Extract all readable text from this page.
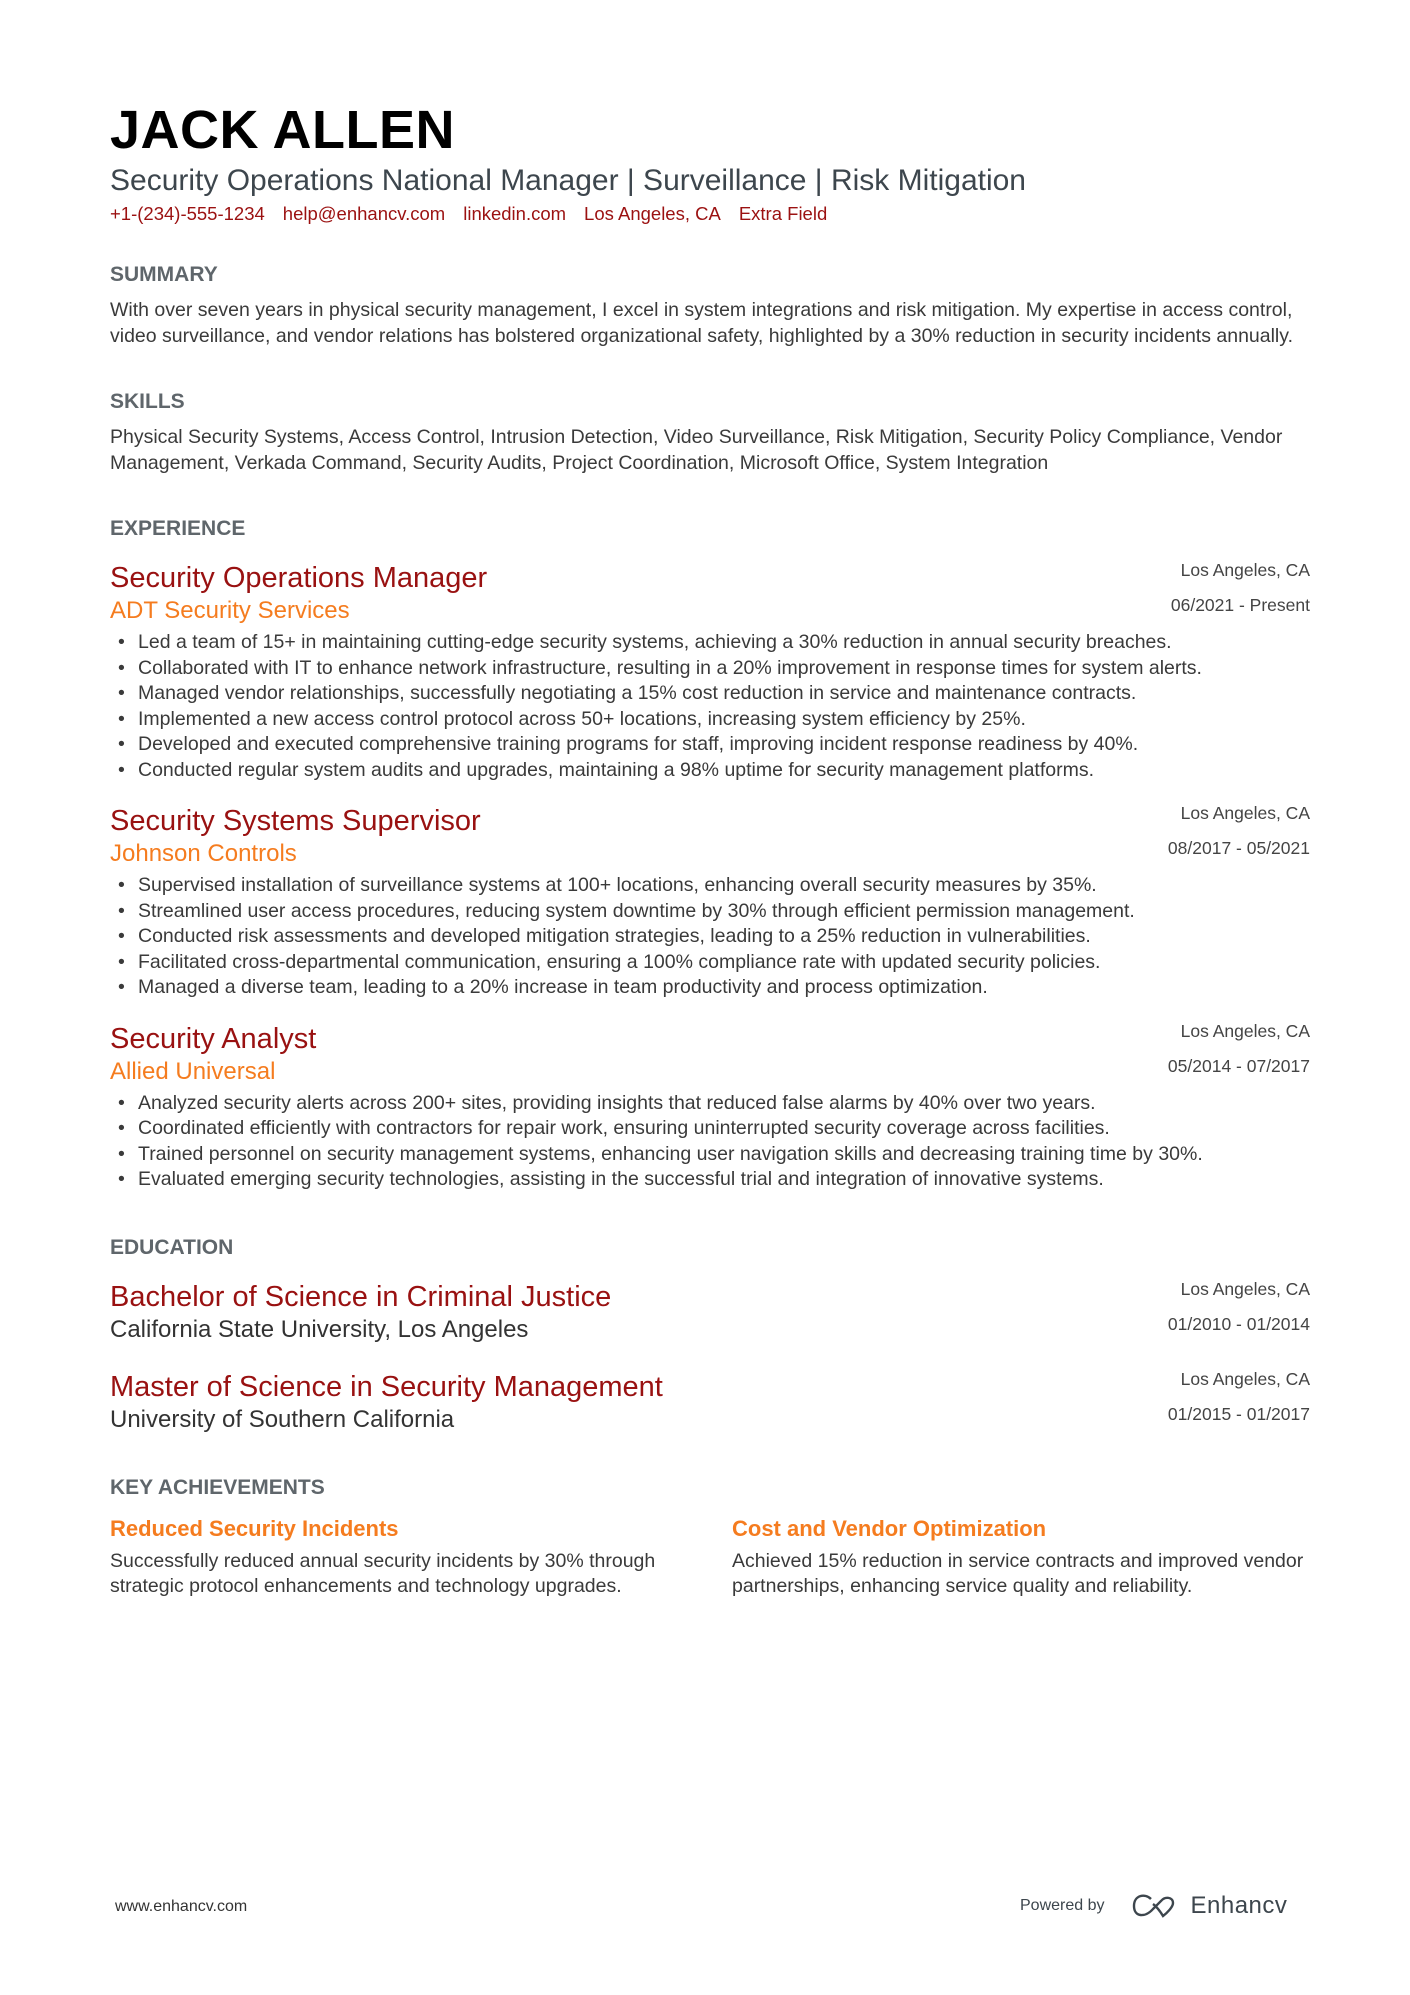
JACK ALLEN
Security Operations National Manager | Surveillance | Risk Mitigation
+1-(234)-555-1234 help@enhancv.com linkedin.com Los Angeles, CA Extra Field
SUMMARY
With over seven years in physical security management, I excel in system integrations and risk mitigation. My expertise in access control, video surveillance, and vendor relations has bolstered organizational safety, highlighted by a 30% reduction in security incidents annually.
SKILLS
Physical Security Systems, Access Control, Intrusion Detection, Video Surveillance, Risk Mitigation, Security Policy Compliance, Vendor Management, Verkada Command, Security Audits, Project Coordination, Microsoft Office, System Integration
EXPERIENCE
Los Angeles, CA
06/2021 - Present
Security Operations Manager
ADT Security Services
• Led a team of 15+ in maintaining cutting-edge security systems, achieving a 30% reduction in annual security breaches.
• Collaborated with IT to enhance network infrastructure, resulting in a 20% improvement in response times for system alerts.
• Managed vendor relationships, successfully negotiating a 15% cost reduction in service and maintenance contracts.
• Implemented a new access control protocol across 50+ locations, increasing system efficiency by 25%.
• Developed and executed comprehensive training programs for staff, improving incident response readiness by 40%.
• Conducted regular system audits and upgrades, maintaining a 98% uptime for security management platforms.
Los Angeles, CA
08/2017 - 05/2021
Security Systems Supervisor
Johnson Controls
• Supervised installation of surveillance systems at 100+ locations, enhancing overall security measures by 35%.
• Streamlined user access procedures, reducing system downtime by 30% through efficient permission management.
• Conducted risk assessments and developed mitigation strategies, leading to a 25% reduction in vulnerabilities.
• Facilitated cross-departmental communication, ensuring a 100% compliance rate with updated security policies.
• Managed a diverse team, leading to a 20% increase in team productivity and process optimization.
Los Angeles, CA
05/2014 - 07/2017
Security Analyst
Allied Universal
• Analyzed security alerts across 200+ sites, providing insights that reduced false alarms by 40% over two years.
• Coordinated efficiently with contractors for repair work, ensuring uninterrupted security coverage across facilities.
• Trained personnel on security management systems, enhancing user navigation skills and decreasing training time by 30%.
• Evaluated emerging security technologies, assisting in the successful trial and integration of innovative systems.
EDUCATION
Los Angeles, CA
01/2010 - 01/2014
Bachelor of Science in Criminal Justice
California State University, Los Angeles
Los Angeles, CA
01/2015 - 01/2017
Master of Science in Security Management
University of Southern California
KEY ACHIEVEMENTS
Reduced Security Incidents
Successfully reduced annual security incidents by 30% through strategic protocol enhancements and technology upgrades.
Cost and Vendor Optimization
Achieved 15% reduction in service contracts and improved vendor partnerships, enhancing service quality and reliability.
www.enhancv.com	Powered by	Enhancv
